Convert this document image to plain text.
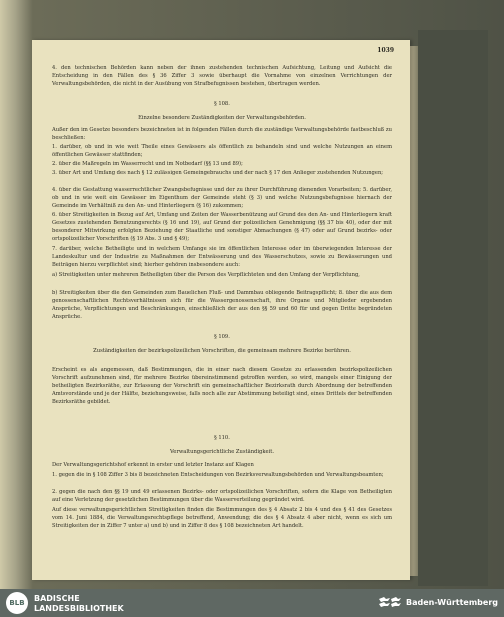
1039

4. den technischen Behörden kann neben der ihnen zustehenden technischen Aufsichtung, Leitung und Aufsicht die Entscheidung in den Fällen des § 36 Ziffer 3 sowie überhaupt die Vornahme von einzelnen Verrichtungen der Verwaltungsbehörden, die nicht in der Ausübung von Strafbefugnissen bestehen, übertragen werden.

§ 108.

Einzelne besondere Zuständigkeiten der Verwaltungsbehörden.

Außer den im Gesetze besonders bezeichneten ist in folgenden Fällen durch die zuständige Verwaltungsbehörde fastbeschluß zu beschließen:

1. darüber, ob und in wie weit Theile eines Gewässers als öffentlich zu behandeln sind und welche Nutzungen an einem öffentlichen Gewässer stattfinden;

2. über die Maßregeln im Wasserrecht und im Notbedarf (§§ 13 und 89);

3. über Art und Umfang des nach § 12 zulässigen Gemeingebrauchs und der nach § 17 den Anlieger zustehenden Nutzungen;

4. über die Gestattung wasserrechtlicher Zwangsbefugnisse und der zu ihrer Durchführung dienenden Vorarbeiten; 5. darüber, ob und in wie weit ein Gewässer im Eigenthum der Gemeinde steht (§ 3) und welche Nutzungsbefugnisse hiernach der Gemeinde im Verhältniß zu den An- und Hinterliegern (§ 16) zukommen;

6. über Streitigkeiten in Bezug auf Art, Umfang und Zeiten der Wasserbenützung auf Grund des den An- und Hinterliegern kraft Gesetzes zustehenden Benutzungsrechts (§ 16 und 19), auf Grund der polizeilichen Genehmigung (§§ 37 bis 40), oder der mit besonderer Mitwirkung erfolgten Beziehung der Staatliche und sonstiger Abmachungen (§ 47) oder auf Grund bezirks- oder ortspolizeilicher Vorschriften (§ 19 Abs. 3 und § 49);

7. darüber, welche Betheiligte und in welchem Umfange sie im öffentlichen Interesse oder im überwiegenden Interesse der Landeskultur und der Industrie zu Maßnahmen der Entwässerung und des Wasserschutzes, sowie zu Bewässerungen und Beiträgen hierzu verpflichtet sind; hierher gehören insbesondere auch:

a) Streitigkeiten unter mehreren Betheiligten über die Person des Verpflichteten und den Umfang der Verpflichtung,

b) Streitigkeiten über die den Gemeinden zum Bauelichen Fluß- und Dammbau obliegende Beitragspflicht; 8. über die aus dem genossenschaftlichen Rechtsverhältnissen sich für die Wassergenossenschaft, ihre Organe und Mitglieder ergebenden Ansprüche, Verpflichtungen und Beschränkungen, einschließlich der aus den §§ 59 und 60 für und gegen Dritte begründeten Ansprüche.

§ 109.

Zuständigkeiten der bezirkspolizeilichen Vorschriften, die gemeinsam mehrere Bezirke berühren.

Erscheint es als angemessen, daß Bestimmungen, die in einer nach diesem Gesetze zu erlassenden bezirkspolizeilichen Vorschrift aufzunehmen sind, für mehrere Bezirke übereinstimmend getroffen werden, so wird, mangels einer Einigung der betheiligten Bezirksräthe, zur Erlassung der Vorschrift ein gemeinschaftlicher Bezirksrath durch Abordnung der betreffenden Amtsvorstände und je der Hälfte, beziehungsweise, falls noch alle zur Abstimmung beteiligt sind, eines Drittels der betreffenden Bezirksräthe gebildet.

§ 110.

Verwaltungsgerichtliche Zuständigkeit.

Der Verwaltungsgerichtshof erkennt in erster und letzter Instanz auf Klagen

1. gegen die in § 108 Ziffer 3 bis 8 bezeichneten Entscheidungen von Bezirksverwaltungsbehörden und Verwaltungsbeamten;

2. gegen die nach den §§ 19 und 49 erlassenen Bezirks- oder ortspolizeilichen Vorschriften, sofern die Klage von Betheiligten auf eine Verletzung der gesetzlichen Bestimmungen über die Wasserverteilung gegründet wird.

Auf diese verwaltungsgerichtlichen Streitigkeiten finden die Bestimmungen des § 4 Absatz 2 bis 4 und des § 41 des Gesetzes vom 14. Juni 1884, die Verwaltungsrechtspflege betreffend, Anwendung; die des § 4 Absatz 4 aber nicht, wenn es sich um Streitigkeiten der in Ziffer 7 unter a) und b) und in Ziffer 8 des § 108 bezeichneten Art handelt.

BLB	BADISCHE
LANDESBIBLIOTHEK
Baden-Württemberg
